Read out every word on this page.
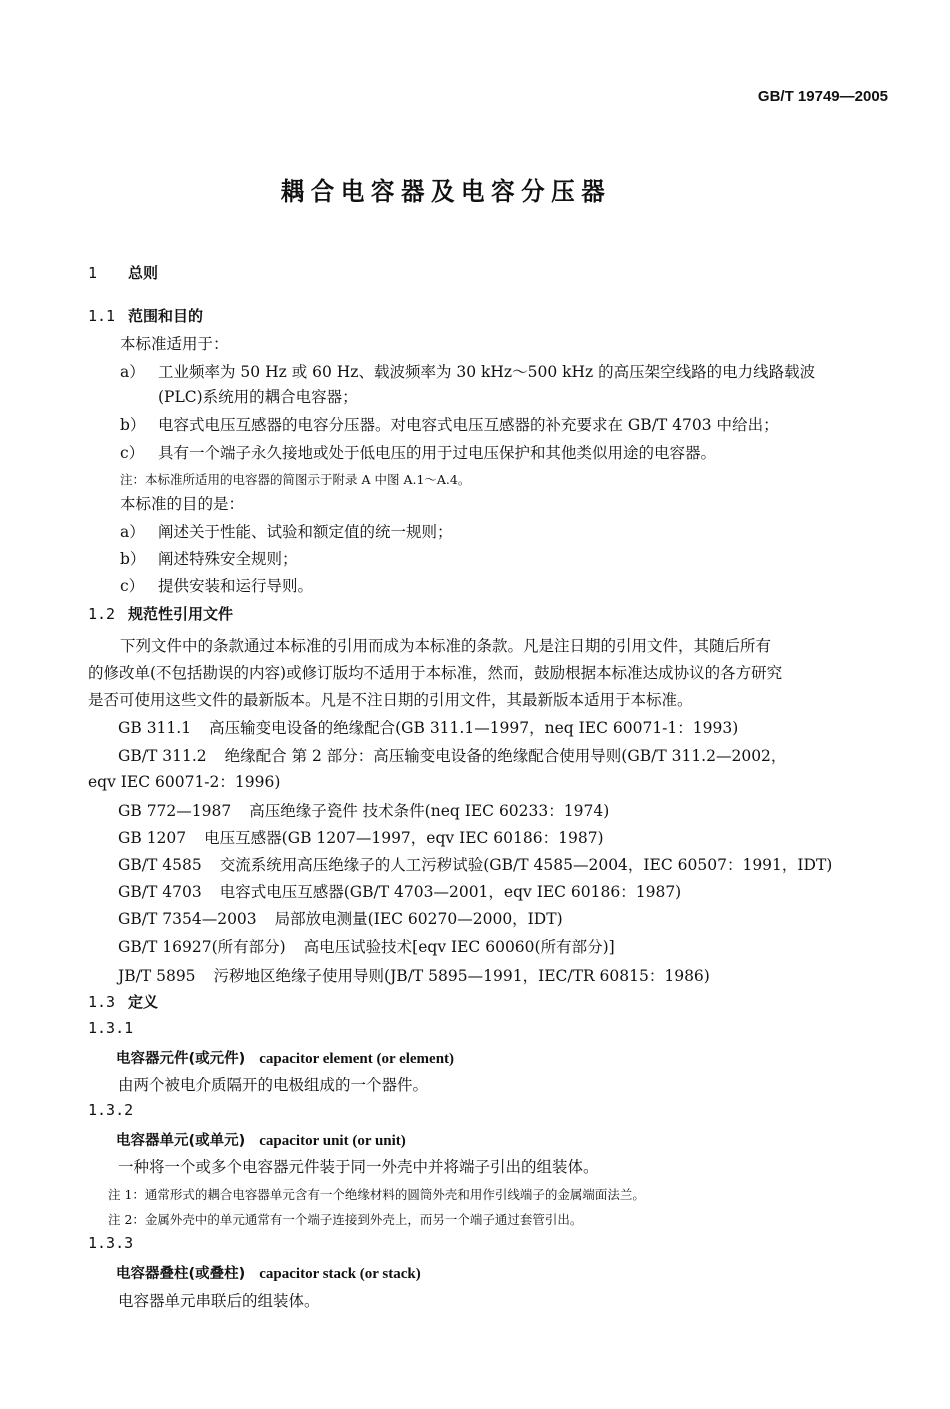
GB/T 19749—2005
耦合电容器及电容分压器
1 总则
1.1 范围和目的
本标准适用于：
a） 工业频率为 50 Hz 或 60 Hz、载波频率为 30 kHz～500 kHz 的高压架空线路的电力线路载波
(PLC)系统用的耦合电容器；
b） 电容式电压互感器的电容分压器。对电容式电压互感器的补充要求在 GB/T 4703 中给出；
c） 具有一个端子永久接地或处于低电压的用于过电压保护和其他类似用途的电容器。
注：本标准所适用的电容器的简图示于附录 A 中图 A.1～A.4。
本标准的目的是：
a） 阐述关于性能、试验和额定值的统一规则；
b） 阐述特殊安全规则；
c） 提供安装和运行导则。
1.2 规范性引用文件
下列文件中的条款通过本标准的引用而成为本标准的条款。凡是注日期的引用文件，其随后所有
的修改单(不包括勘误的内容)或修订版均不适用于本标准，然而，鼓励根据本标准达成协议的各方研究
是否可使用这些文件的最新版本。凡是不注日期的引用文件，其最新版本适用于本标准。
GB 311.1 高压输变电设备的绝缘配合(GB 311.1—1997，neq IEC 60071-1：1993)
GB/T 311.2 绝缘配合 第 2 部分：高压输变电设备的绝缘配合使用导则(GB/T 311.2—2002，
eqv IEC 60071-2：1996)
GB 772—1987 高压绝缘子瓷件 技术条件(neq IEC 60233：1974)
GB 1207 电压互感器(GB 1207—1997，eqv IEC 60186：1987)
GB/T 4585 交流系统用高压绝缘子的人工污秽试验(GB/T 4585—2004，IEC 60507：1991，IDT)
GB/T 4703 电容式电压互感器(GB/T 4703—2001，eqv IEC 60186：1987)
GB/T 7354—2003 局部放电测量(IEC 60270—2000，IDT)
GB/T 16927(所有部分) 高电压试验技术[eqv IEC 60060(所有部分)]
JB/T 5895 污秽地区绝缘子使用导则(JB/T 5895—1991，IEC/TR 60815：1986)
1.3 定义
1.3.1
电容器元件(或元件) capacitor element (or element)
由两个被电介质隔开的电极组成的一个器件。
1.3.2
电容器单元(或单元) capacitor unit (or unit)
一种将一个或多个电容器元件装于同一外壳中并将端子引出的组装体。
注 1：通常形式的耦合电容器单元含有一个绝缘材料的圆筒外壳和用作引线端子的金属端面法兰。
注 2：金属外壳中的单元通常有一个端子连接到外壳上，而另一个端子通过套管引出。
1.3.3
电容器叠柱(或叠柱) capacitor stack (or stack)
电容器单元串联后的组装体。
